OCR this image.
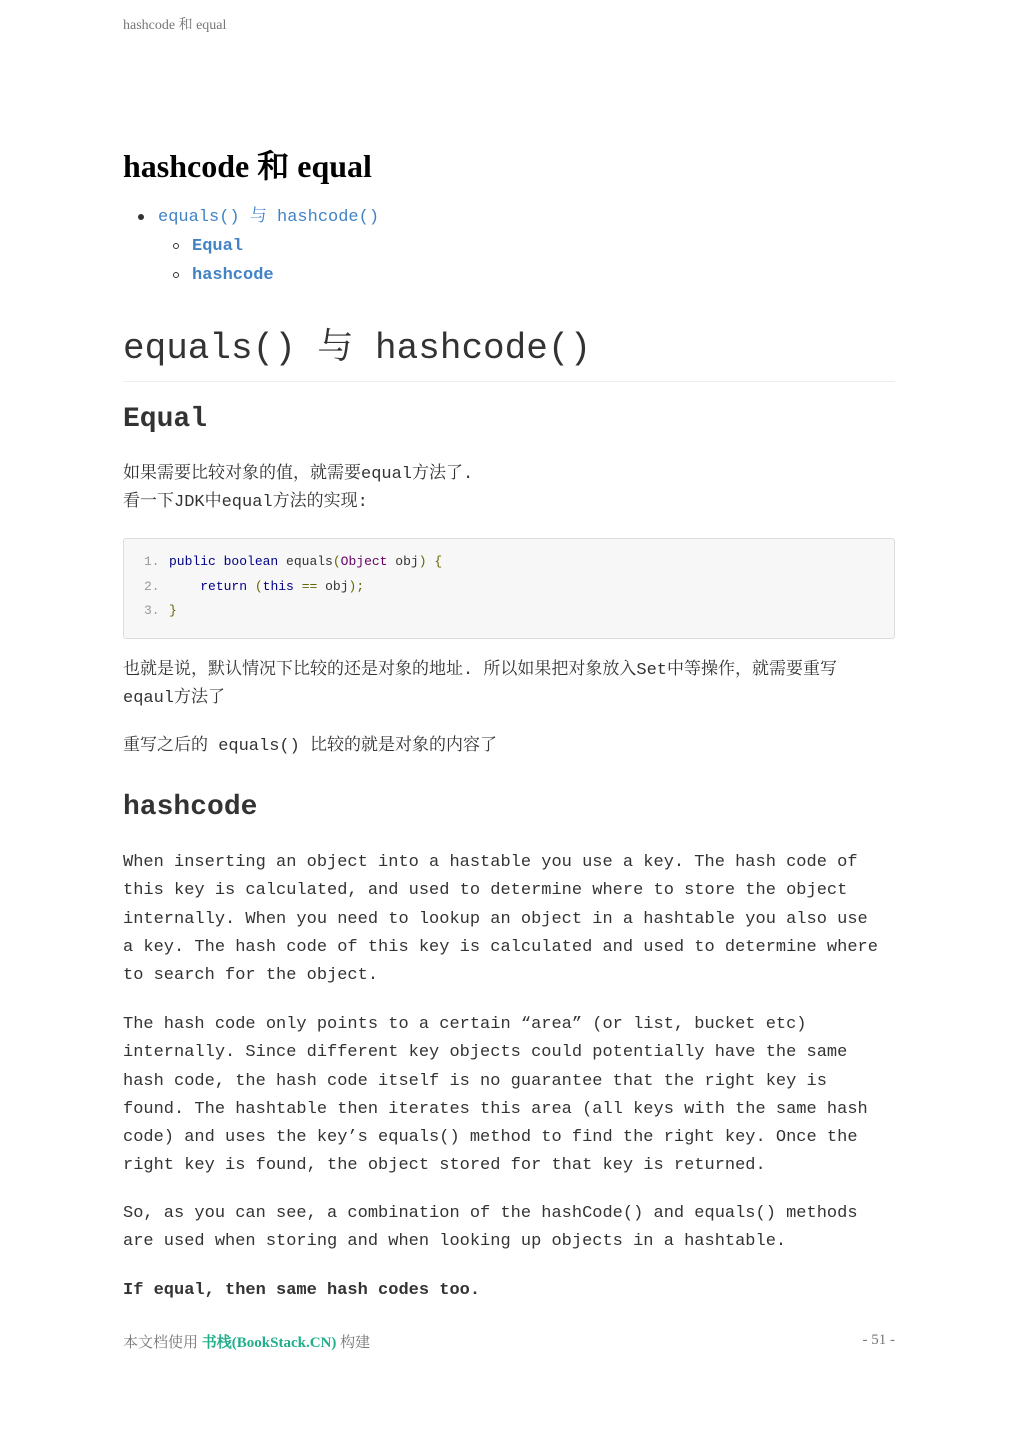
hashcode 和 equal
hashcode 和 equal
equals() 与 hashcode()
Equal
hashcode
equals() 与 hashcode()
Equal

如果需要比较对象的值，就需要equal方法了.
看一下JDK中equal方法的实现:

1. public boolean equals(Object obj) {
2.	return (this == obj);
3. }

也就是说，默认情况下比较的还是对象的地址. 所以如果把对象放入Set中等操作，就需要重写
eqaul方法了

重写之后的 equals() 比较的就是对象的内容了

hashcode

When inserting an object into a hastable you use a key. The hash code of
this key is calculated, and used to determine where to store the object
internally. When you need to lookup an object in a hashtable you also use
a key. The hash code of this key is calculated and used to determine where
to search for the object.

The hash code only points to a certain “area” (or list, bucket etc)
internally. Since different key objects could potentially have the same
hash code, the hash code itself is no guarantee that the right key is
found. The hashtable then iterates this area (all keys with the same hash
code) and uses the key’s equals() method to find the right key. Once the
right key is found, the object stored for that key is returned.

So, as you can see, a combination of the hashCode() and equals() methods
are used when storing and when looking up objects in a hashtable.

If equal, then same hash codes too.

本文档使用 书栈(BookStack.CN) 构建	- 51 -
